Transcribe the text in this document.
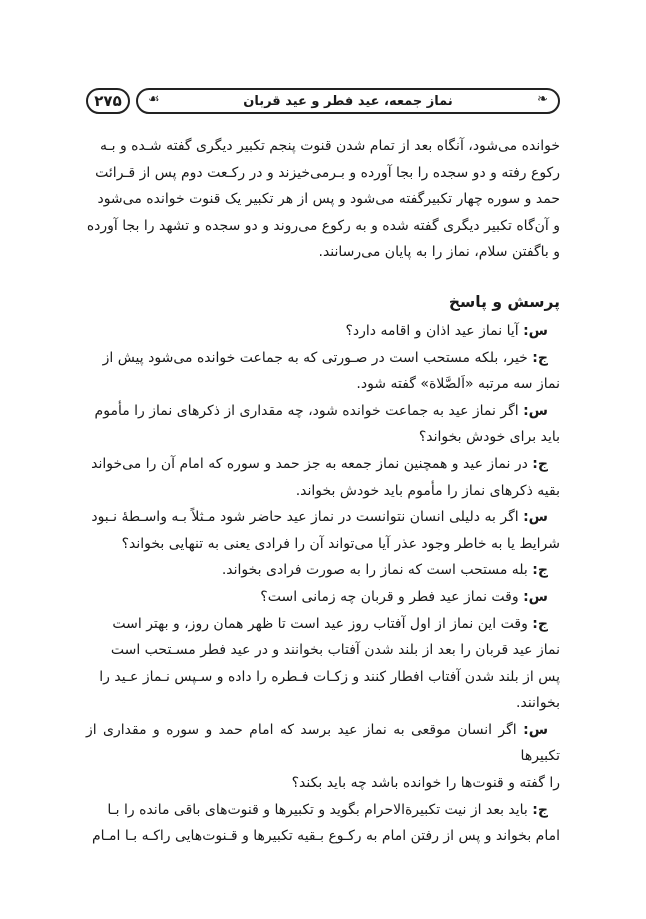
۲۷۵	☙	نماز جمعه، عید فطر و عید قربان	❧

خوانده می‌شود، آنگاه بعد از تمام شدن قنوت پنجم تکبیر دیگری گفته شـده و بـه

رکوع رفته و دو سجده را بجا آورده و بـرمی‌خیزند و در رکـعت دوم پس از قـرائت

حمد و سوره چهار تکبیرگفته می‌شود و پس از هر تکبیر یک قنوت خوانده می‌شود

و آن‌گاه تکبیر دیگری گفته شده و به رکوع می‌روند و دو سجده و تشهد را بجا آورده

و باگفتن سلام، نماز را به پایان می‌رسانند.

پرسش و پاسخ

س: آیا نماز عید اذان و اقامه دارد؟

ج: خیر، بلکه مستحب است در صـورتی که به جماعت خوانده می‌شود پیش از

نماز سه مرتبه «اَلصَّلاة» گفته شود.

س: اگر نماز عید به جماعت خوانده شود، چه مقداری از ذکرهای نماز را مأموم

باید برای خودش بخواند؟

ج: در نماز عید و همچنین نماز جمعه به جز حمد و سوره که امام آن را می‌خواند

بقیه ذکرهای نماز را مأموم باید خودش بخواند.

س: اگر به دلیلی انسان نتوانست در نماز عید حاضر شود مـثلاً بـه واسـطهٔ نـبود

شرایط یا به خاطر وجود عذر آیا می‌تواند آن را فرادی یعنی به تنهایی بخواند؟

ج: بله مستحب است که نماز را به صورت فرادی بخواند.

س: وقت نماز عید فطر و قربان چه زمانی است؟

ج: وقت این نماز از اول آفتاب روز عید است تا ظهر همان روز، و بهتر است

نماز عید قربان را بعد از بلند شدن آفتاب بخوانند و در عید فطر مسـتحب است

پس از بلند شدن آفتاب افطار کنند و زکـات فـطره را داده و سـپس نـماز عـید را

بخوانند.

س: اگر انسان موقعی به نماز عید برسد که امام حمد و سوره و مقداری از تکبیرها

را گفته و قنوت‌ها را خوانده باشد چه باید بکند؟

ج: باید بعد از نیت تکبیرةالاحرام بگوید و تکبیرها و قنوت‌های باقی مانده را بـا

امام بخواند و پس از رفتن امام به رکـوع بـقیه تکبیرها و قـنوت‌هایی راکـه بـا امـام
